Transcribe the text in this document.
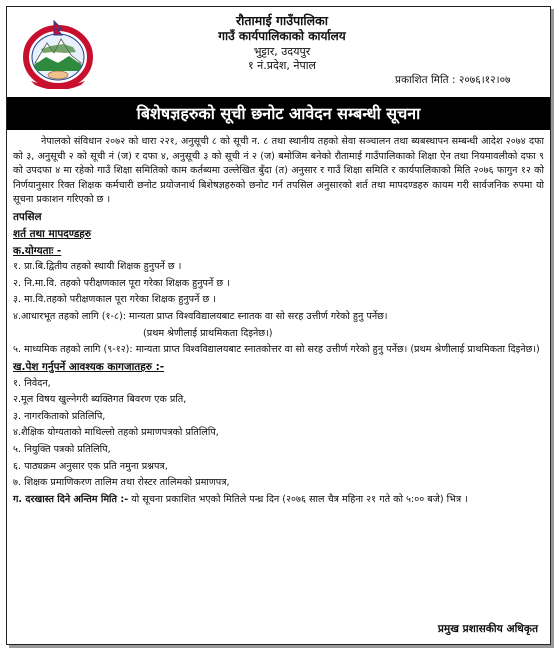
रौतामाई गाउँपालिका
गाउँ कार्यपालिकाको कार्यालय
भुट्टार, उदयपुर
१ नं.प्रदेश, नेपाल
प्रकाशित मिति : २०७६।१२।०७
बिशेषज्ञहरुको सूची छनोट आवेदन सम्बन्धी सूचना

नेपालको संविधान २०७२ को धारा २२१, अनुसूची ८ को सूची न. ८ तथा स्थानीय तहको सेवा सञ्चालन तथा ब्यबस्थापन सम्बन्धी आदेश २०७४ दफा को ३, अनुसूची २ को सूची नं (ज) र दफा ४, अनुसूची ३ को सूची नं २ (ज) बमोजिम बनेको रौतामाई गाउँपालिकाको शिक्षा ऐन तथा नियमावलीको दफा ९ को उपदफा ४ मा रहेको गाउँ शिक्षा समितिको काम कर्तब्यमा उल्लेखित बुँदा (त) अनुसार र गाउँ शिक्षा समिति र कार्यपालिकाको मिति २०७६ फागुन १२ को निर्णयानुसार रिक्त शिक्षक कर्मचारी छनोट प्रयोजनार्थ बिशेषज्ञहरुको छनोट गर्न तपसिल अनुसारको शर्त तथा मापदण्डहरु कायम गरी सार्वजनिक रुपमा यो सूचना प्रकाशन गरिएको छ ।

तपसिल
शर्त तथा मापदण्डहरु
क.योग्यताः -
१. प्रा.बि.द्वितीय तहको स्थायी शिक्षक हुनुपर्ने छ ।
२. नि.मा.वि. तहको परीक्षणकाल पूरा गरेका शिक्षक हुनुपर्ने छ ।
३. मा.वि.तहको परीक्षणकाल पूरा गरेका शिक्षक हुनुपर्ने छ ।
४.आधारभूत तहको लागि (१-८): मान्यता प्राप्त विश्वविद्यालयबाट स्नातक वा सो सरह उत्तीर्ण गरेको हुनु पर्नेछ।
(प्रथम श्रेणीलाई प्राथमिकता दिइनेछ।)
५. माध्यमिक तहको लागि (९-१२): मान्यता प्राप्त विश्वविद्यालयबाट स्नातकोत्तर वा सो सरह उत्तीर्ण गरेको हुनु पर्नेछ। (प्रथम श्रेणीलाई प्राथमिकता दिइनेछ।)
ख.पेश गर्नुपर्ने आवश्यक कागजातहरु :-
१. निवेदन,
२.मूल विषय खुल्नेगरी ब्यक्तिगत बिवरण एक प्रति,
३. नागरकिताको प्रतिलिपि,
४.शैक्षिक योग्यताको माथिल्लो तहको प्रमाणपत्रको प्रतिलिपि,
५. नियुक्ति पत्रको प्रतिलिपि,
६. पाठ्यक्रम अनुसार एक प्रति नमुना प्रश्नपत्र,
७. शिक्षक प्रमाणिकरण तालिम तथा रोस्टर तालिमको प्रमाणपत्र,
ग. दरखास्त दिने अन्तिम मिति :- यो सूचना प्रकाशित भएको मितिले पन्ध्र दिन (२०७६ साल चैत्र महिना २१ गते को ५:०० बजे) भित्र ।
प्रमुख प्रशासकीय अधिकृत
